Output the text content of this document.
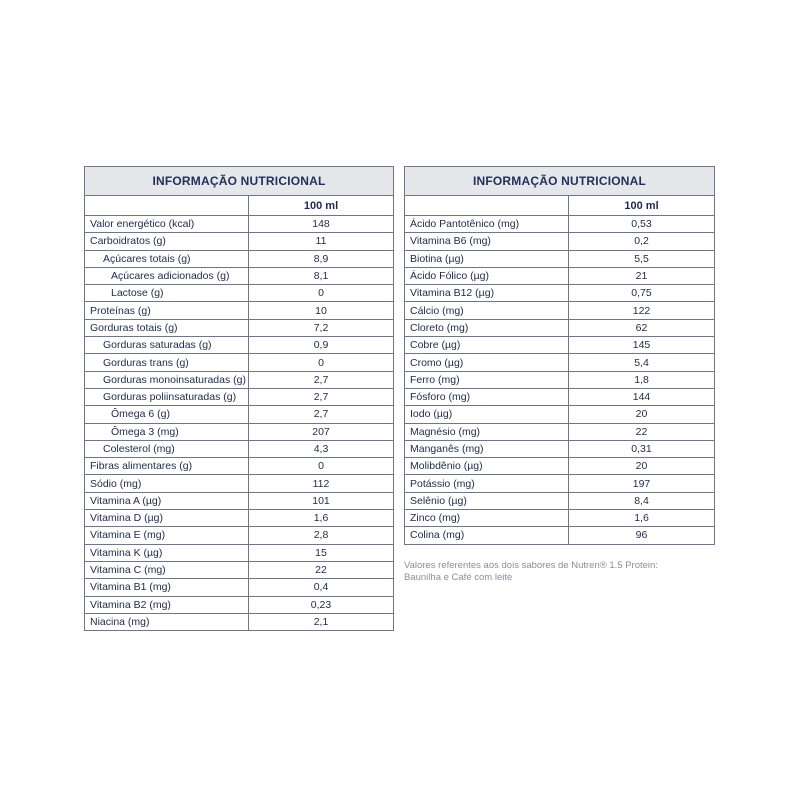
INFORMAÇÃO NUTRICIONAL	
	100 ml
Valor energético (kcal)	148
Carboidratos (g)	11
Açúcares totais (g)	8,9
Açúcares adicionados (g)	8,1
Lactose (g)	0
Proteínas (g)	10
Gorduras totais (g)	7,2
Gorduras saturadas (g)	0,9
Gorduras trans (g)	0
Gorduras monoinsaturadas (g)	2,7
Gorduras poliinsaturadas (g)	2,7
Ômega 6 (g)	2,7
Ômega 3 (mg)	207
Colesterol (mg)	4,3
Fibras alimentares (g)	0
Sódio (mg)	112
Vitamina A (µg)	101
Vitamina D (µg)	1,6
Vitamina E (mg)	2,8
Vitamina K (µg)	15
Vitamina C (mg)	22
Vitamina B1 (mg)	0,4
Vitamina B2 (mg)	0,23
Niacina (mg)	2,1
INFORMAÇÃO NUTRICIONAL	
	100 ml
Ácido Pantotênico (mg)	0,53
Vitamina B6 (mg)	0,2
Biotina (µg)	5,5
Ácido Fólico (µg)	21
Vitamina B12 (µg)	0,75
Cálcio (mg)	122
Cloreto (mg)	62
Cobre (µg)	145
Cromo (µg)	5,4
Ferro (mg)	1,8
Fósforo (mg)	144
Iodo (µg)	20
Magnésio (mg)	22
Manganês (mg)	0,31
Molibdênio (µg)	20
Potássio (mg)	197
Selênio (µg)	8,4
Zinco (mg)	1,6
Colina (mg)	96
Valores referentes aos dois sabores de Nutren® 1.5 Protein:
Baunilha e Café com leite
